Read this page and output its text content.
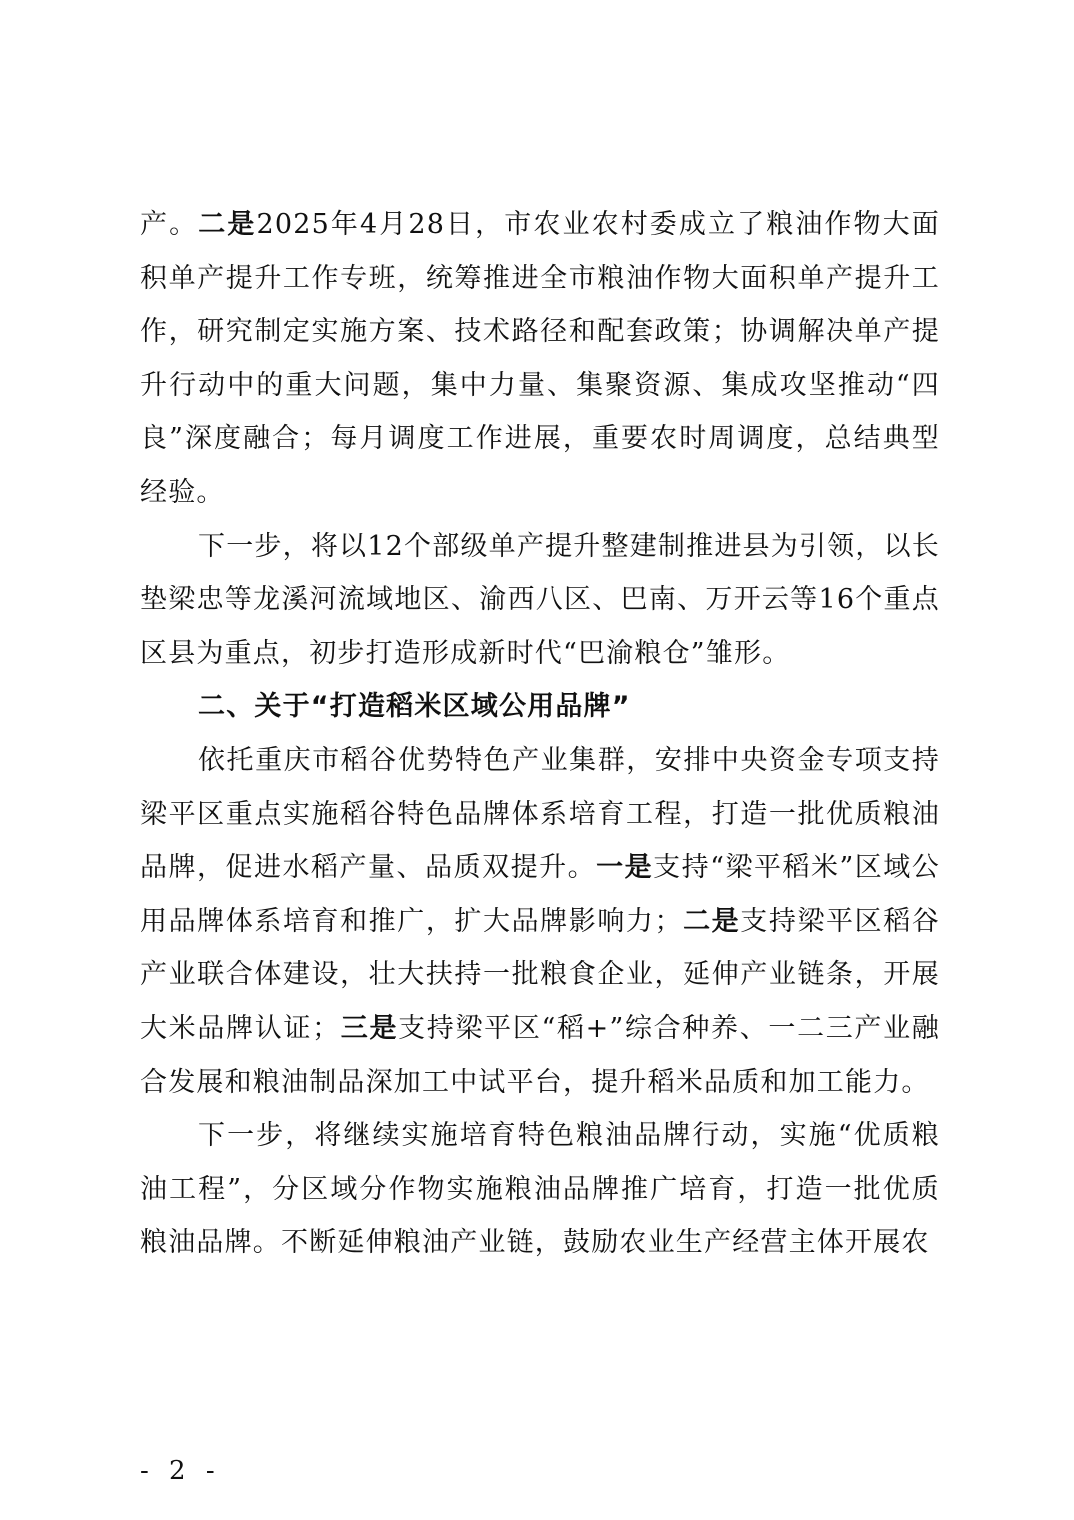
产。二是2025年4月28日，市农业农村委成立了粮油作物大面积单产提升工作专班，统筹推进全市粮油作物大面积单产提升工作，研究制定实施方案、技术路径和配套政策；协调解决单产提升行动中的重大问题，集中力量、集聚资源、集成攻坚推动“四良”深度融合；每月调度工作进展，重要农时周调度，总结典型经验。

下一步，将以12个部级单产提升整建制推进县为引领，以长垫梁忠等龙溪河流域地区、渝西八区、巴南、万开云等16个重点区县为重点，初步打造形成新时代“巴渝粮仓”雏形。

二、关于“打造稻米区域公用品牌”

依托重庆市稻谷优势特色产业集群，安排中央资金专项支持梁平区重点实施稻谷特色品牌体系培育工程，打造一批优质粮油品牌，促进水稻产量、品质双提升。一是支持“梁平稻米”区域公用品牌体系培育和推广，扩大品牌影响力；二是支持梁平区稻谷产业联合体建设，壮大扶持一批粮食企业，延伸产业链条，开展大米品牌认证；三是支持梁平区“稻+”综合种养、一二三产业融合发展和粮油制品深加工中试平台，提升稻米品质和加工能力。

下一步，将继续实施培育特色粮油品牌行动，实施“优质粮油工程”，分区域分作物实施粮油品牌推广培育，打造一批优质粮油品牌。不断延伸粮油产业链，鼓励农业生产经营主体开展农

- 2 -
